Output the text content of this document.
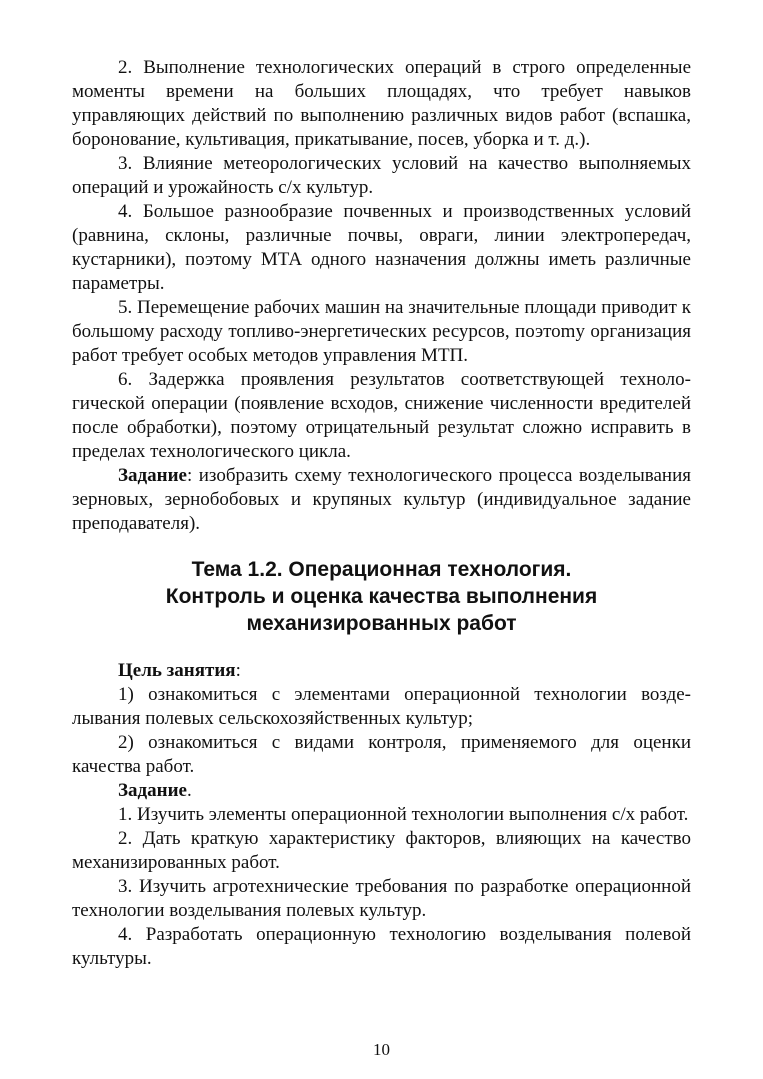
2. Выполнение технологических операций в строго определенные моменты времени на больших площадях, что требует навыков управляющих действий по выполнению различных видов работ (вспашка, боронование, культивация, прикатывание, посев, уборка и т. д.).

3. Влияние метеорологических условий на качество выполняемых операций и урожайность с/х культур.

4. Большое разнообразие почвенных и производственных условий (равнина, склоны, различные почвы, овраги, линии электропередач, кустарники), поэтому МТА одного назначения должны иметь различные параметры.

5. Перемещение рабочих машин на значительные площади приводит к большому расходу топливо-энергетических ресурсов, поэтоmy организация работ требует особых методов управления МТП.

6. Задержка проявления результатов соответствующей технологической операции (появление всходов, снижение численности вредителей после обработки), поэтому отрицательный результат сложно исправить в пределах технологического цикла.

Задание: изобразить схему технологического процесса возделывания зерновых, зернобобовых и крупяных культур (индивидуальное задание преподавателя).

Тема 1.2. Операционная технология.
Контроль и оценка качества выполнения
механизированных работ

Цель занятия:

1) ознакомиться с элементами операционной технологии возделывания полевых сельскохозяйственных культур;

2) ознакомиться с видами контроля, применяемого для оценки качества работ.

Задание.

1. Изучить элементы операционной технологии выполнения с/х работ.

2. Дать краткую характеристику факторов, влияющих на качество механизированных работ.

3. Изучить агротехнические требования по разработке операционной технологии возделывания полевых культур.

4. Разработать операционную технологию возделывания полевой культуры.

10
